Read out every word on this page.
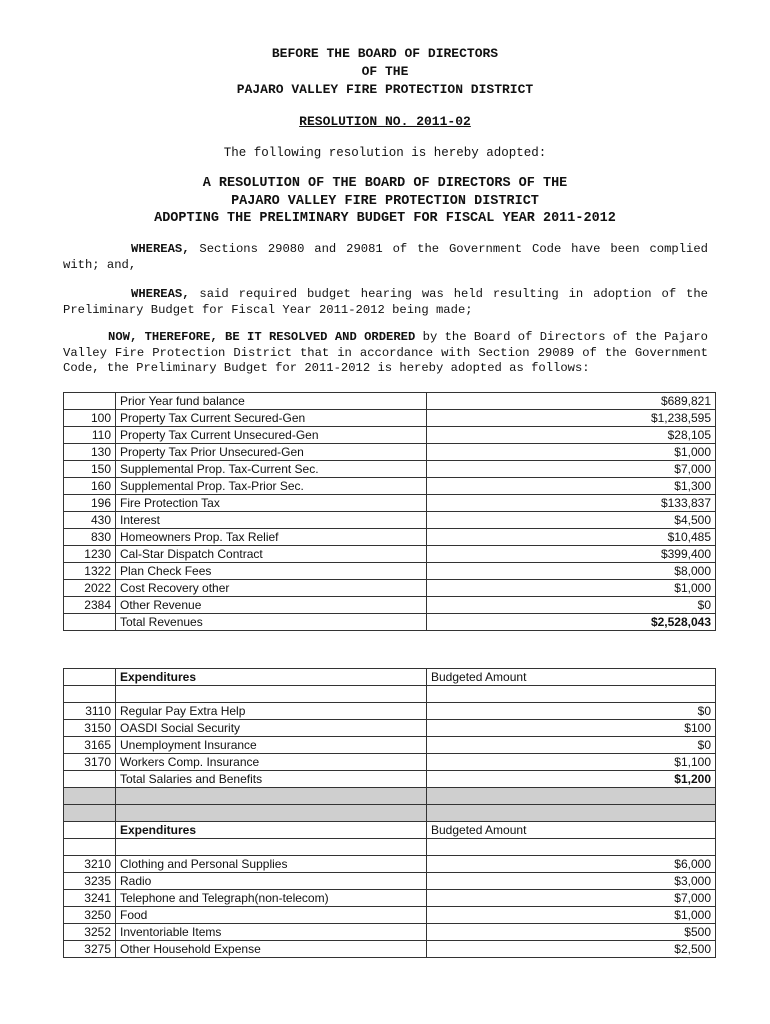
BEFORE THE BOARD OF DIRECTORS
OF THE
PAJARO VALLEY FIRE PROTECTION DISTRICT
RESOLUTION NO. 2011-02
The following resolution is hereby adopted:
A RESOLUTION OF THE BOARD OF DIRECTORS OF THE
PAJARO VALLEY FIRE PROTECTION DISTRICT
ADOPTING THE PRELIMINARY BUDGET FOR FISCAL YEAR 2011-2012
WHEREAS, Sections 29080 and 29081 of the Government Code have been complied with; and,
WHEREAS, said required budget hearing was held resulting in adoption of the Preliminary Budget for Fiscal Year 2011-2012 being made;
NOW, THEREFORE, BE IT RESOLVED AND ORDERED by the Board of Directors of the Pajaro Valley Fire Protection District that in accordance with Section 29089 of the Government Code, the Preliminary Budget for 2011-2012 is hereby adopted as follows:
	Prior Year fund balance	$689,821
100	Property Tax Current Secured-Gen	$1,238,595
110	Property Tax Current Unsecured-Gen	$28,105
130	Property Tax Prior Unsecured-Gen	$1,000
150	Supplemental Prop. Tax-Current Sec.	$7,000
160	Supplemental Prop. Tax-Prior Sec.	$1,300
196	Fire Protection Tax	$133,837
430	Interest	$4,500
830	Homeowners Prop. Tax Relief	$10,485
1230	Cal-Star Dispatch Contract	$399,400
1322	Plan Check Fees	$8,000
2022	Cost Recovery other	$1,000
2384	Other Revenue	$0
	Total Revenues	$2,528,043
	Expenditures	Budgeted Amount

3110	Regular Pay Extra Help	$0
3150	OASDI Social Security	$100
3165	Unemployment Insurance	$0
3170	Workers Comp. Insurance	$1,100
	Total Salaries and Benefits	$1,200

	Expenditures	Budgeted Amount

3210	Clothing and Personal Supplies	$6,000
3235	Radio	$3,000
3241	Telephone and Telegraph(non-telecom)	$7,000
3250	Food	$1,000
3252	Inventoriable Items	$500
3275	Other Household Expense	$2,500
